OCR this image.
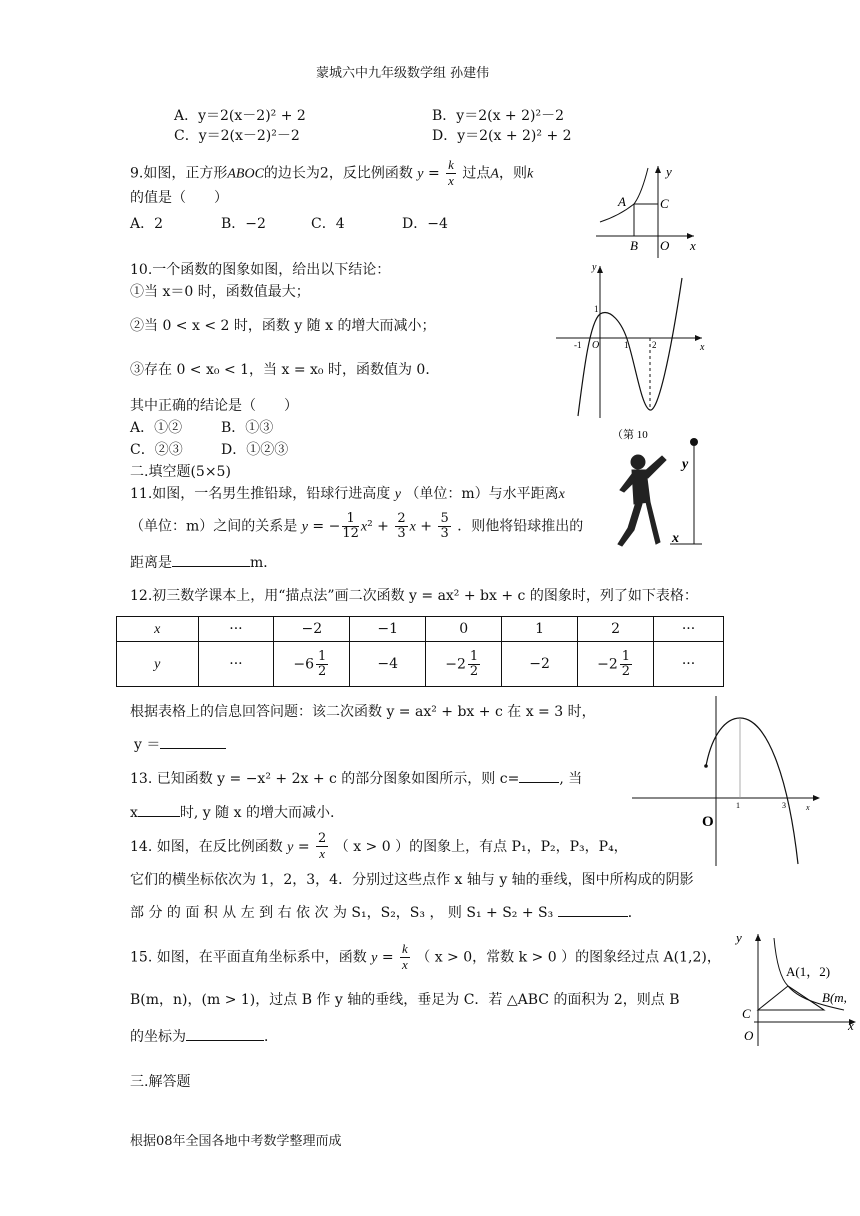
蒙城六中九年级数学组 孙建伟
A．y＝2(x－2)² + 2	B．y＝2(x + 2)²－2
C．y＝2(x－2)²－2	D．y＝2(x + 2)² + 2
9.如图，正方形ABOC的边长为2，反比例函数 $y = \frac{k}{x}$ 过点A，则k
的值是（　　）
A．2	B．−2	C．4	D．−4
A	C
B O x
y
10.一个函数的图象如图，给出以下结论：
①当 x＝0 时，函数值最大；
②当 0 < x < 2 时，函数 y 随 x 的增大而减小；
③存在 0 < x₀ < 1，当 x = x₀ 时，函数值为 0．
其中正确的结论是（　　）
A．①②	B．①③
C．②③	D．①②③
y
x
-1 O	1	2
1
（第 10
二.填空题(5×5)
11.如图，一名男生推铅球，铅球行进高度 y （单位：m）与水平距离x
（单位：m）之间的关系是 y = − $\frac{1}{12} x^2 + \frac{2}{3}$ $x + \frac{5}{3}$ ．则他将铅球推出的
距离是	m．
y
x
12.初三数学课本上，用“描点法”画二次函数 y = ax² + bx + c 的图象时，列了如下表格：
x	···	−2	−1	0	1	2	···
y	···	$-6 \frac{1}{2}$	−4	$-2 \frac{1}{2}$	−2	$-2 \frac{1}{2}$	···
根据表格上的信息回答问题：该二次函数 y = ax² + bx + c 在 x = 3 时，
y ＝
13. 已知函数 y = −x² + 2x + c 的部分图象如图所示，则 c=	, 当
x	时, y 随 x 的增大而减小.	1	3	x
O
14. 如图，在反比例函数 $y = \frac{2}{x}$ （ x > 0 ）的图象上，有点 P₁，P₂，P₃，P₄，
它们的横坐标依次为 1，2，3，4．分别过这些点作 x 轴与 y 轴的垂线，图中所构成的阴影
部 分 的 面 积 从 左 到 右 依 次 为 S₁，S₂，S₃ ， 则 S₁ + S₂ + S₃	．
15. 如图，在平面直角坐标系中，函数 $y = \frac{k}{x}$ （ x > 0，常数 k > 0 ）的图象经过点 A(1,2)，
B(m，n)，(m > 1)，过点 B 作 y 轴的垂线，垂足为 C．若 △ABC 的面积为 2，则点 B
的坐标为	．
y
A(1，2)
B(m,
C
O
x
三.解答题
根据08年全国各地中考数学整理而成
